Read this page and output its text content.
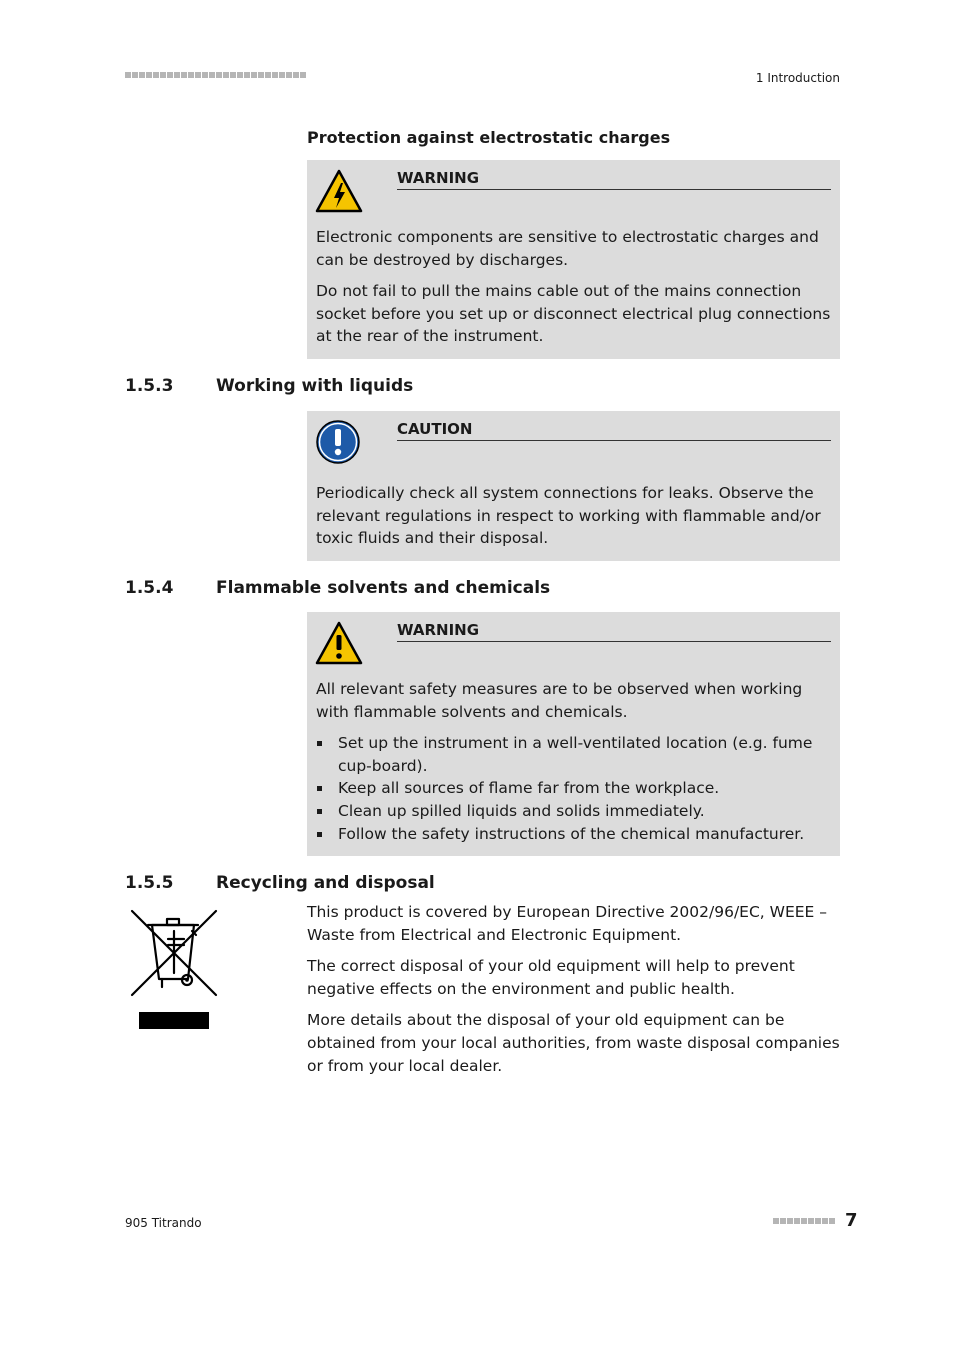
1 Introduction
Protection against electrostatic charges
WARNING

Electronic components are sensitive to electrostatic charges and can be destroyed by discharges.

Do not fail to pull the mains cable out of the mains connection socket before you set up or disconnect electrical plug connections at the rear of the instrument.

1.5.3	Working with liquids
CAUTION

Periodically check all system connections for leaks. Observe the relevant regulations in respect to working with flammable and/or toxic fluids and their disposal.

1.5.4	Flammable solvents and chemicals
WARNING

All relevant safety measures are to be observed when working with flammable solvents and chemicals.

Set up the instrument in a well-ventilated location (e.g. fume cup-board).
Keep all sources of flame far from the workplace.
Clean up spilled liquids and solids immediately.
Follow the safety instructions of the chemical manufacturer.
1.5.5	Recycling and disposal

This product is covered by European Directive 2002/96/EC, WEEE – Waste from Electrical and Electronic Equipment.

The correct disposal of your old equipment will help to prevent negative effects on the environment and public health.

More details about the disposal of your old equipment can be obtained from your local authorities, from waste disposal companies or from your local dealer.

905 Titrando	7
